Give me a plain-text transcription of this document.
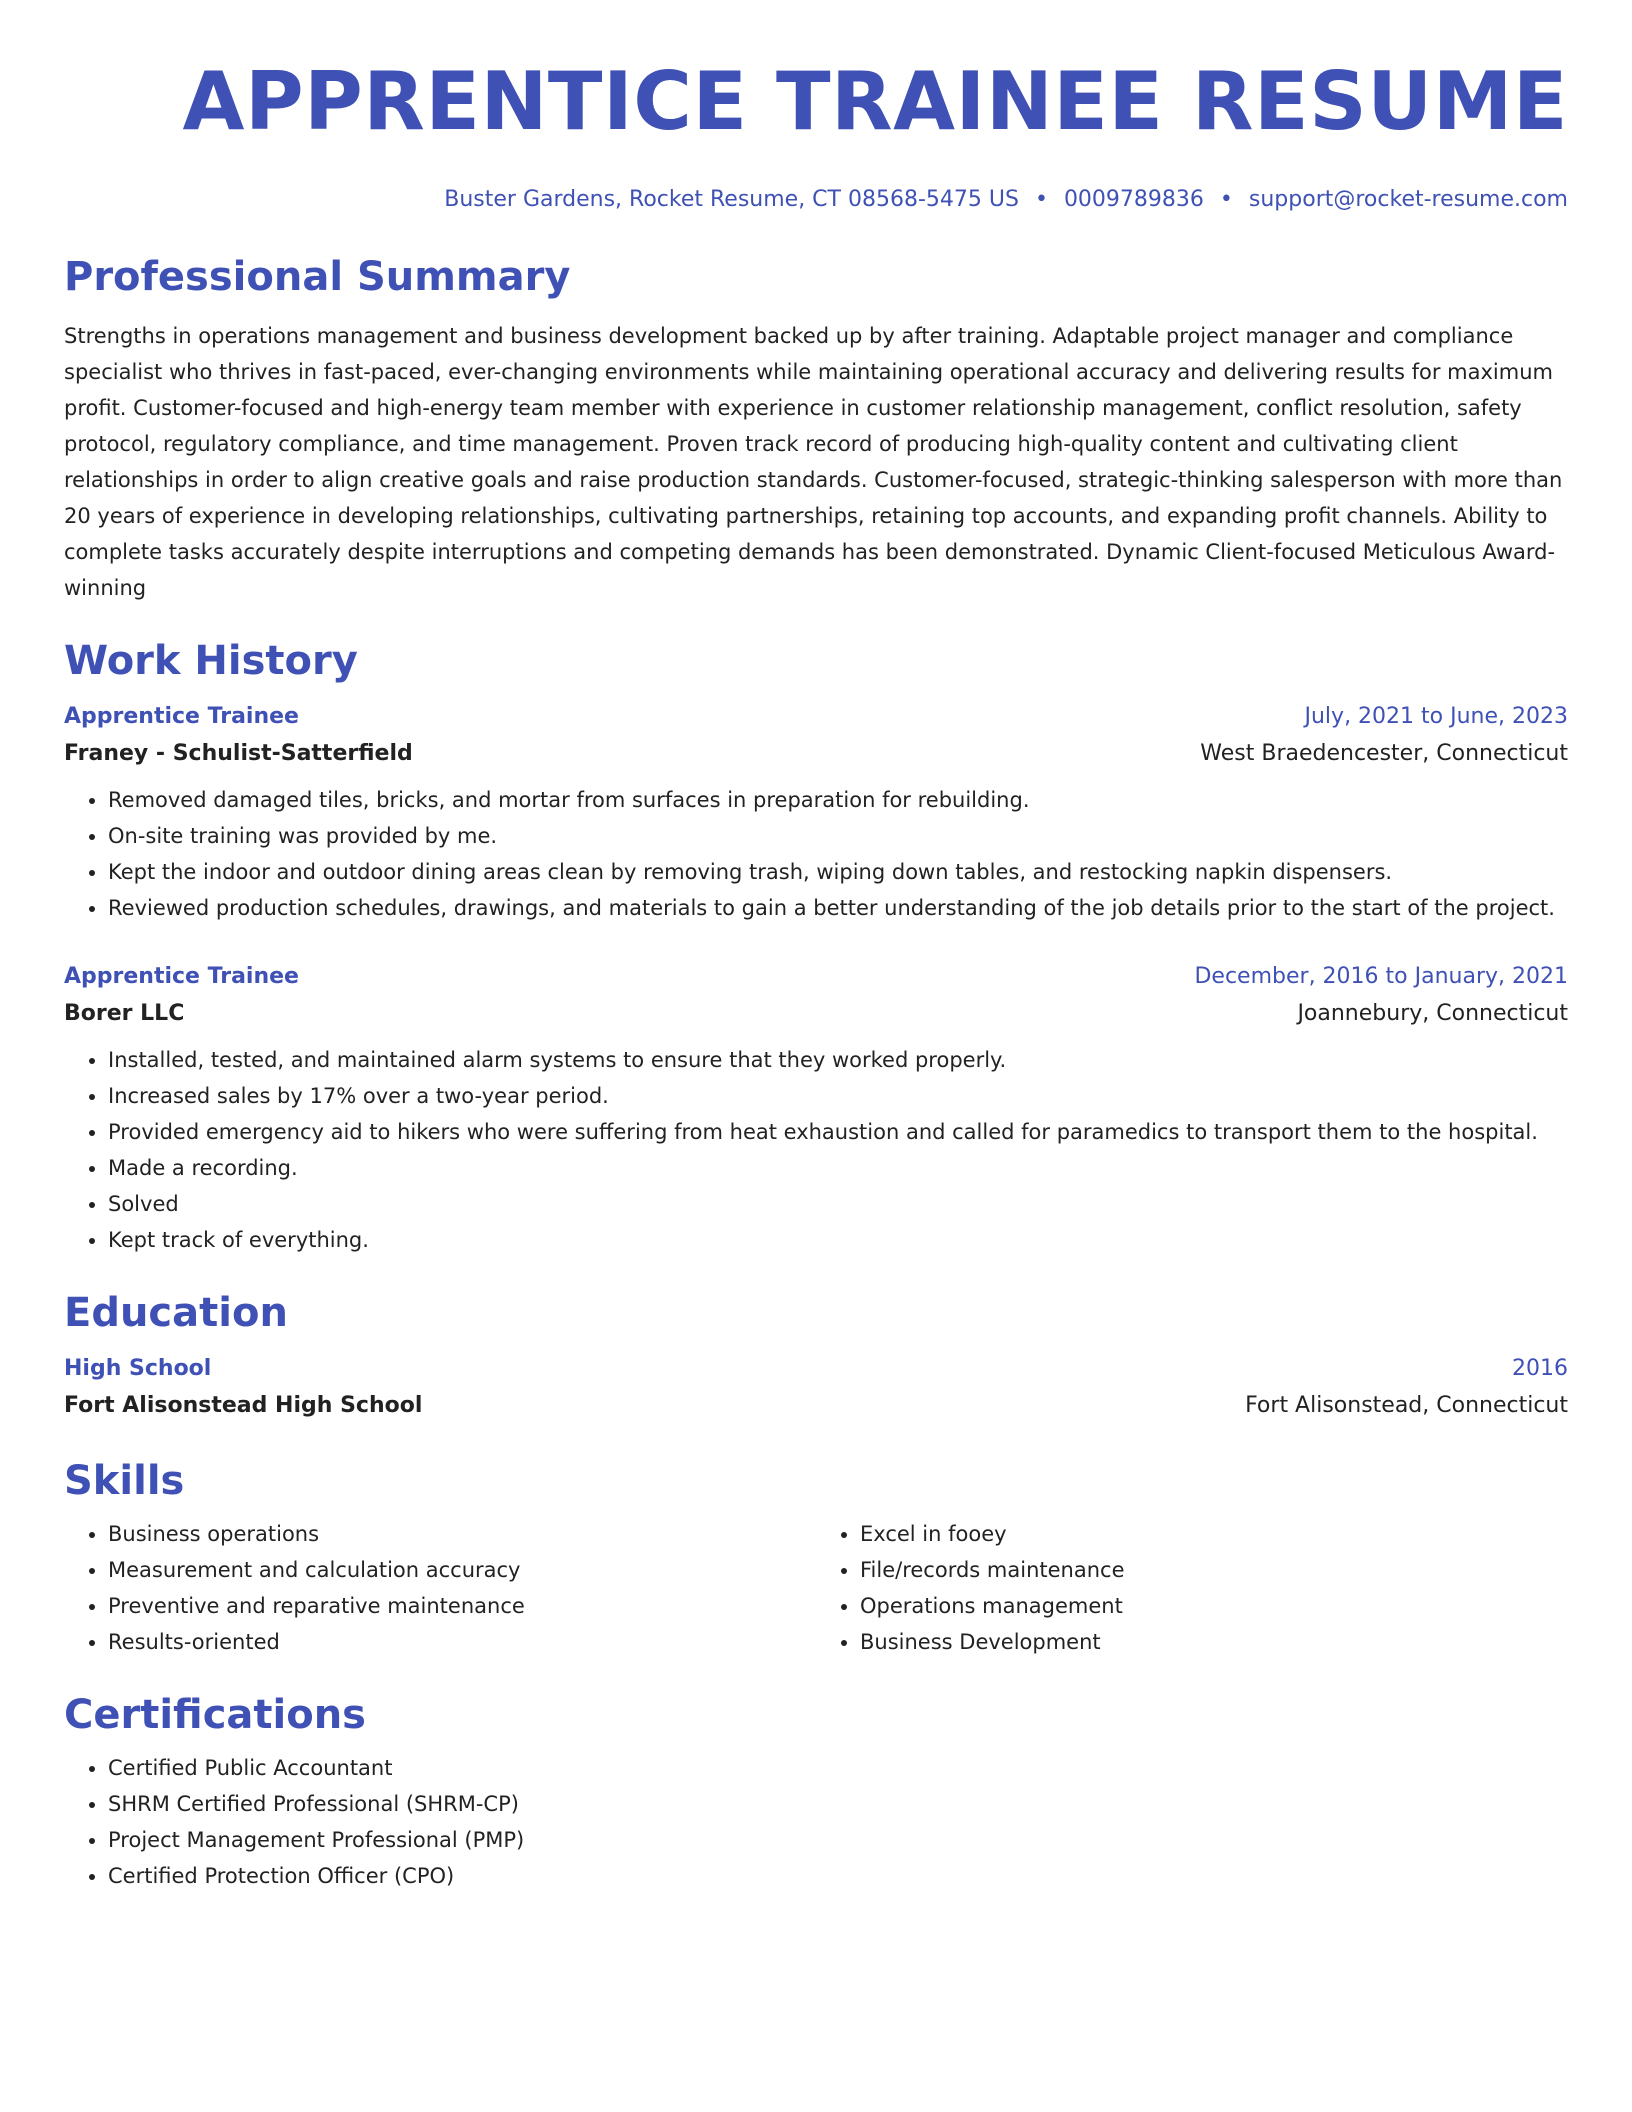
APPRENTICE TRAINEE RESUME
Buster Gardens, Rocket Resume, CT 08568-5475 US • 0009789836 • support@rocket-resume.com
Professional Summary
Strengths in operations management and business development backed up by after training. Adaptable project manager and compliance specialist who thrives in fast-paced, ever-changing environments while maintaining operational accuracy and delivering results for maximum profit. Customer-focused and high-energy team member with experience in customer relationship management, conflict resolution, safety protocol, regulatory compliance, and time management. Proven track record of producing high-quality content and cultivating client relationships in order to align creative goals and raise production standards. Customer-focused, strategic-thinking salesperson with more than 20 years of experience in developing relationships, cultivating partnerships, retaining top accounts, and expanding profit channels. Ability to complete tasks accurately despite interruptions and competing demands has been demonstrated. Dynamic Client-focused Meticulous Award-winning
Work History
Apprentice Trainee	July, 2021 to June, 2023
Franey - Schulist-Satterfield	West Braedencester, Connecticut
• Removed damaged tiles, bricks, and mortar from surfaces in preparation for rebuilding.
• On-site training was provided by me.
• Kept the indoor and outdoor dining areas clean by removing trash, wiping down tables, and restocking napkin dispensers.
• Reviewed production schedules, drawings, and materials to gain a better understanding of the job details prior to the start of the project.
Apprentice Trainee	December, 2016 to January, 2021
Borer LLC	Joannebury, Connecticut
• Installed, tested, and maintained alarm systems to ensure that they worked properly.
• Increased sales by 17% over a two-year period.
• Provided emergency aid to hikers who were suffering from heat exhaustion and called for paramedics to transport them to the hospital.
• Made a recording.
• Solved
• Kept track of everything.
Education
High School	2016
Fort Alisonstead High School	Fort Alisonstead, Connecticut
Skills
• Business operations
• Measurement and calculation accuracy
• Preventive and reparative maintenance
• Results-oriented
• Excel in fooey
• File/records maintenance
• Operations management
• Business Development
Certifications
• Certified Public Accountant
• SHRM Certified Professional (SHRM-CP)
• Project Management Professional (PMP)
• Certified Protection Officer (CPO)
